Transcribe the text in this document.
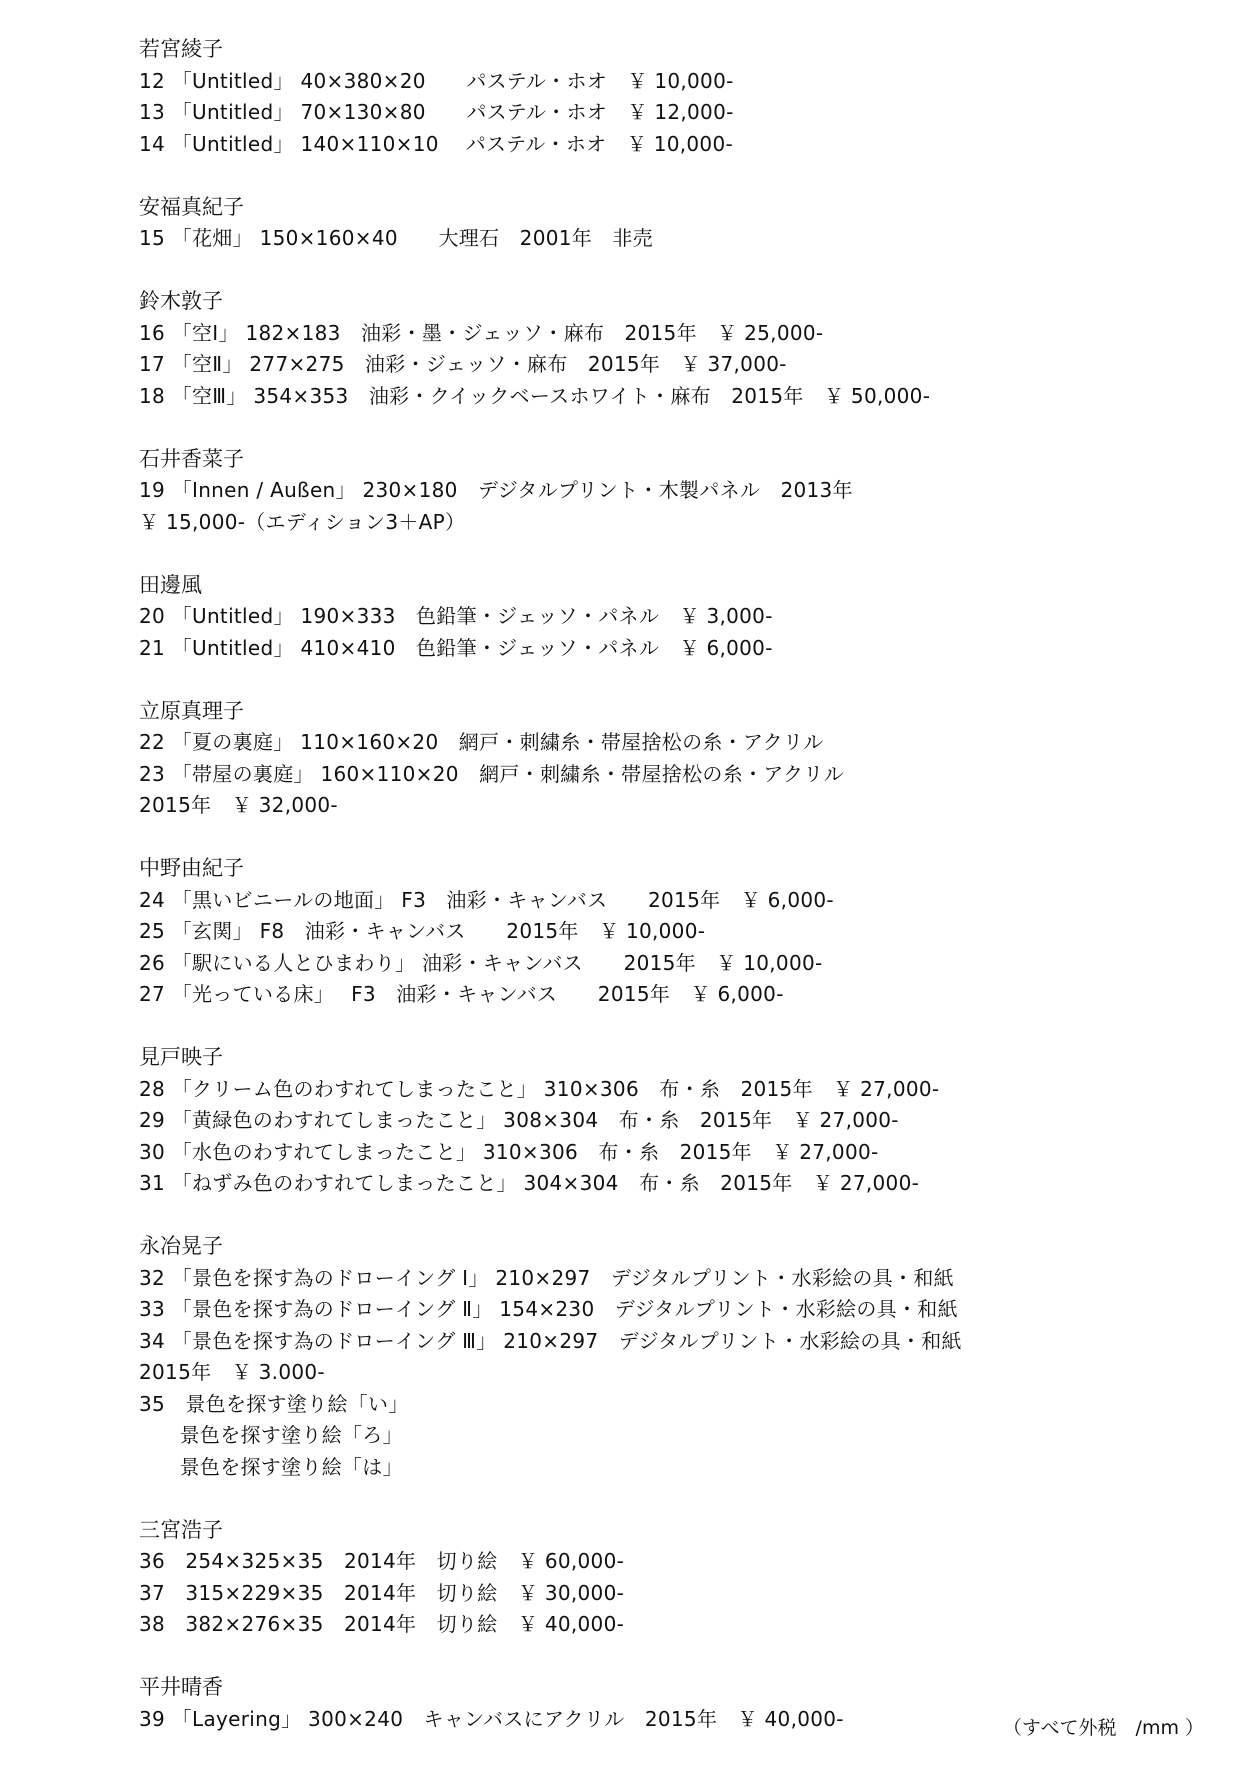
若宮綾子
12 「Untitled」 40×380×20　　パステル・ホオ　￥ 10,000-
13 「Untitled」 70×130×80　　パステル・ホオ　￥ 12,000-
14 「Untitled」 140×110×10　 パステル・ホオ　￥ 10,000-
安福真紀子
15 「花畑」 150×160×40　　大理石　2001年　非売
鈴木敦子
16 「空Ⅰ」 182×183　油彩・墨・ジェッソ・麻布　2015年　￥ 25,000-
17 「空Ⅱ」 277×275　油彩・ジェッソ・麻布　2015年　￥ 37,000-
18 「空Ⅲ」 354×353　油彩・クイックベースホワイト・麻布　2015年　￥ 50,000-
石井香菜子
19 「Innen / Außen」 230×180　デジタルプリント・木製パネル　2013年
￥ 15,000-（エディション3＋AP）
田邊風
20 「Untitled」 190×333　色鉛筆・ジェッソ・パネル　￥ 3,000-
21 「Untitled」 410×410　色鉛筆・ジェッソ・パネル　￥ 6,000-
立原真理子
22 「夏の裏庭」 110×160×20　網戸・刺繍糸・帯屋捨松の糸・アクリル
23 「帯屋の裏庭」 160×110×20　網戸・刺繍糸・帯屋捨松の糸・アクリル
2015年　￥ 32,000-
中野由紀子
24 「黒いビニールの地面」 F3　油彩・キャンバス　　2015年　￥ 6,000-
25 「玄関」 F8　油彩・キャンバス　　2015年　￥ 10,000-
26 「駅にいる人とひまわり」 油彩・キャンバス　　2015年　￥ 10,000-
27 「光っている床」　 F3　油彩・キャンバス　　2015年　￥ 6,000-
見戸映子
28 「クリーム色のわすれてしまったこと」 310×306　布・糸　2015年　￥ 27,000-
29 「黄緑色のわすれてしまったこと」 308×304　布・糸　2015年　￥ 27,000-
30 「水色のわすれてしまったこと」 310×306　布・糸　2015年　￥ 27,000-
31 「ねずみ色のわすれてしまったこと」 304×304　布・糸　2015年　￥ 27,000-
永冶晃子
32 「景色を探す為のドローイング Ⅰ」 210×297　デジタルプリント・水彩絵の具・和紙
33 「景色を探す為のドローイング Ⅱ」 154×230　デジタルプリント・水彩絵の具・和紙
34 「景色を探す為のドローイング Ⅲ」 210×297　デジタルプリント・水彩絵の具・和紙
2015年　￥ 3.000-
35　景色を探す塗り絵「い」
　　景色を探す塗り絵「ろ」
　　景色を探す塗り絵「は」
三宮浩子
36　254×325×35　2014年　切り絵　￥ 60,000-
37　315×229×35　2014年　切り絵　￥ 30,000-
38　382×276×35　2014年　切り絵　￥ 40,000-
平井晴香
39 「Layering」 300×240　キャンバスにアクリル　2015年　￥ 40,000-	（すべて外税　/mm ）
